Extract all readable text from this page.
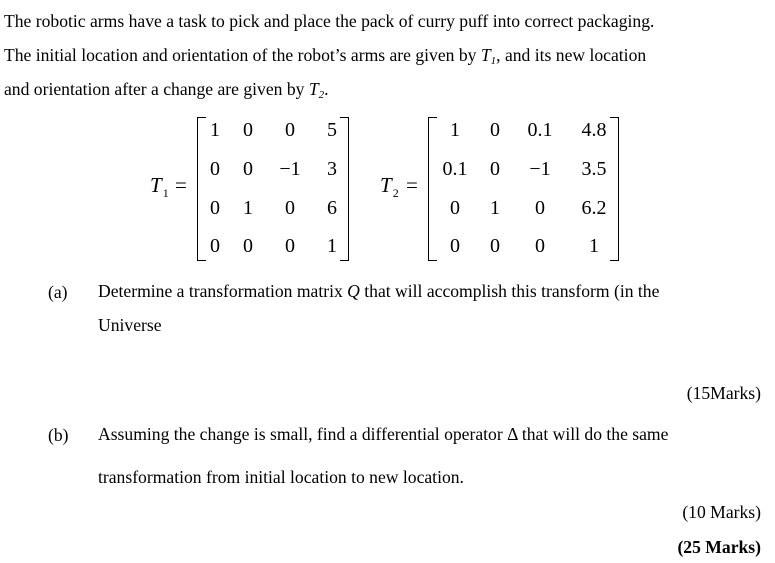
The robotic arms have a task to pick and place the pack of curry puff into correct packaging.
The initial location and orientation of the robot’s arms are given by $T_1$, and its new location
and orientation after a change are given by $T_2$.
$T_1$ =
1	0	0	5
0	0	−1	3
0	1	0	6
0	0	0	1
$T_2$ =
1	0	0.1	4.8
0.1	0	−1	3.5
0	1	0	6.2
0	0	0	1
(a) Determine a transformation matrix Q that will accomplish this transform (in the
Universe
(15Marks)
(b) Assuming the change is small, find a differential operator Δ that will do the same
transformation from initial location to new location.
(10 Marks)
(25 Marks)
